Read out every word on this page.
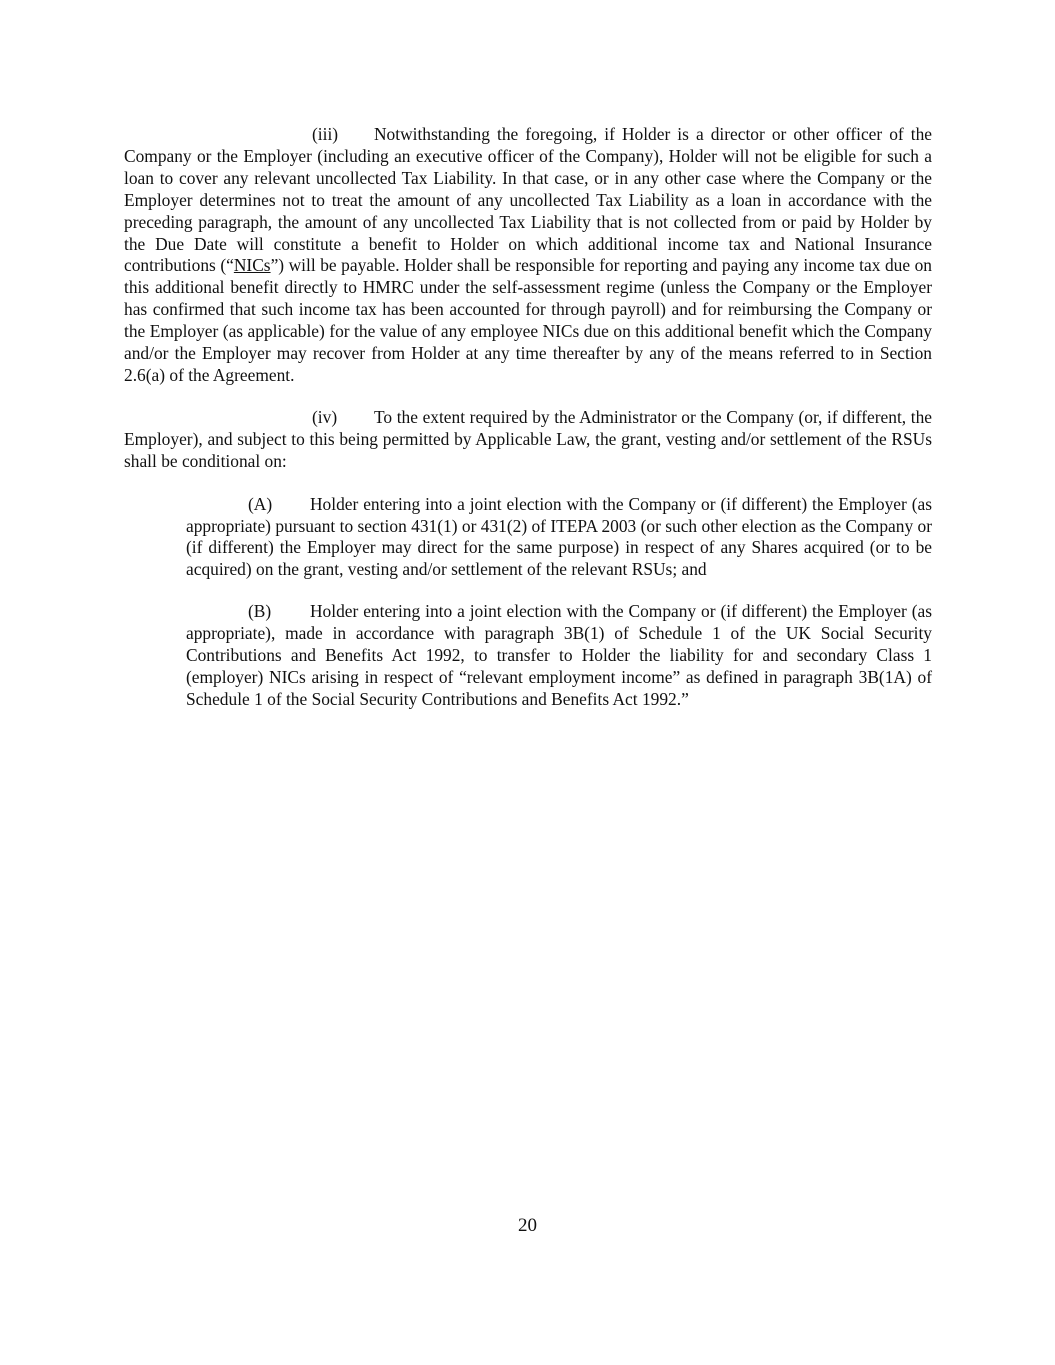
(iii) Notwithstanding the foregoing, if Holder is a director or other officer of the Company or the Employer (including an executive officer of the Company), Holder will not be eligible for such a loan to cover any relevant uncollected Tax Liability. In that case, or in any other case where the Company or the Employer determines not to treat the amount of any uncollected Tax Liability as a loan in accordance with the preceding paragraph, the amount of any uncollected Tax Liability that is not collected from or paid by Holder by the Due Date will constitute a benefit to Holder on which additional income tax and National Insurance contributions (“NICs”) will be payable. Holder shall be responsible for reporting and paying any income tax due on this additional benefit directly to HMRC under the self-assessment regime (unless the Company or the Employer has confirmed that such income tax has been accounted for through payroll) and for reimbursing the Company or the Employer (as applicable) for the value of any employee NICs due on this additional benefit which the Company and/or the Employer may recover from Holder at any time thereafter by any of the means referred to in Section 2.6(a) of the Agreement.

(iv) To the extent required by the Administrator or the Company (or, if different, the Employer), and subject to this being permitted by Applicable Law, the grant, vesting and/or settlement of the RSUs shall be conditional on:

(A) Holder entering into a joint election with the Company or (if different) the Employer (as appropriate) pursuant to section 431(1) or 431(2) of ITEPA 2003 (or such other election as the Company or (if different) the Employer may direct for the same purpose) in respect of any Shares acquired (or to be acquired) on the grant, vesting and/or settlement of the relevant RSUs; and

(B) Holder entering into a joint election with the Company or (if different) the Employer (as appropriate), made in accordance with paragraph 3B(1) of Schedule 1 of the UK Social Security Contributions and Benefits Act 1992, to transfer to Holder the liability for and secondary Class 1 (employer) NICs arising in respect of “relevant employment income” as defined in paragraph 3B(1A) of Schedule 1 of the Social Security Contributions and Benefits Act 1992.”

20
